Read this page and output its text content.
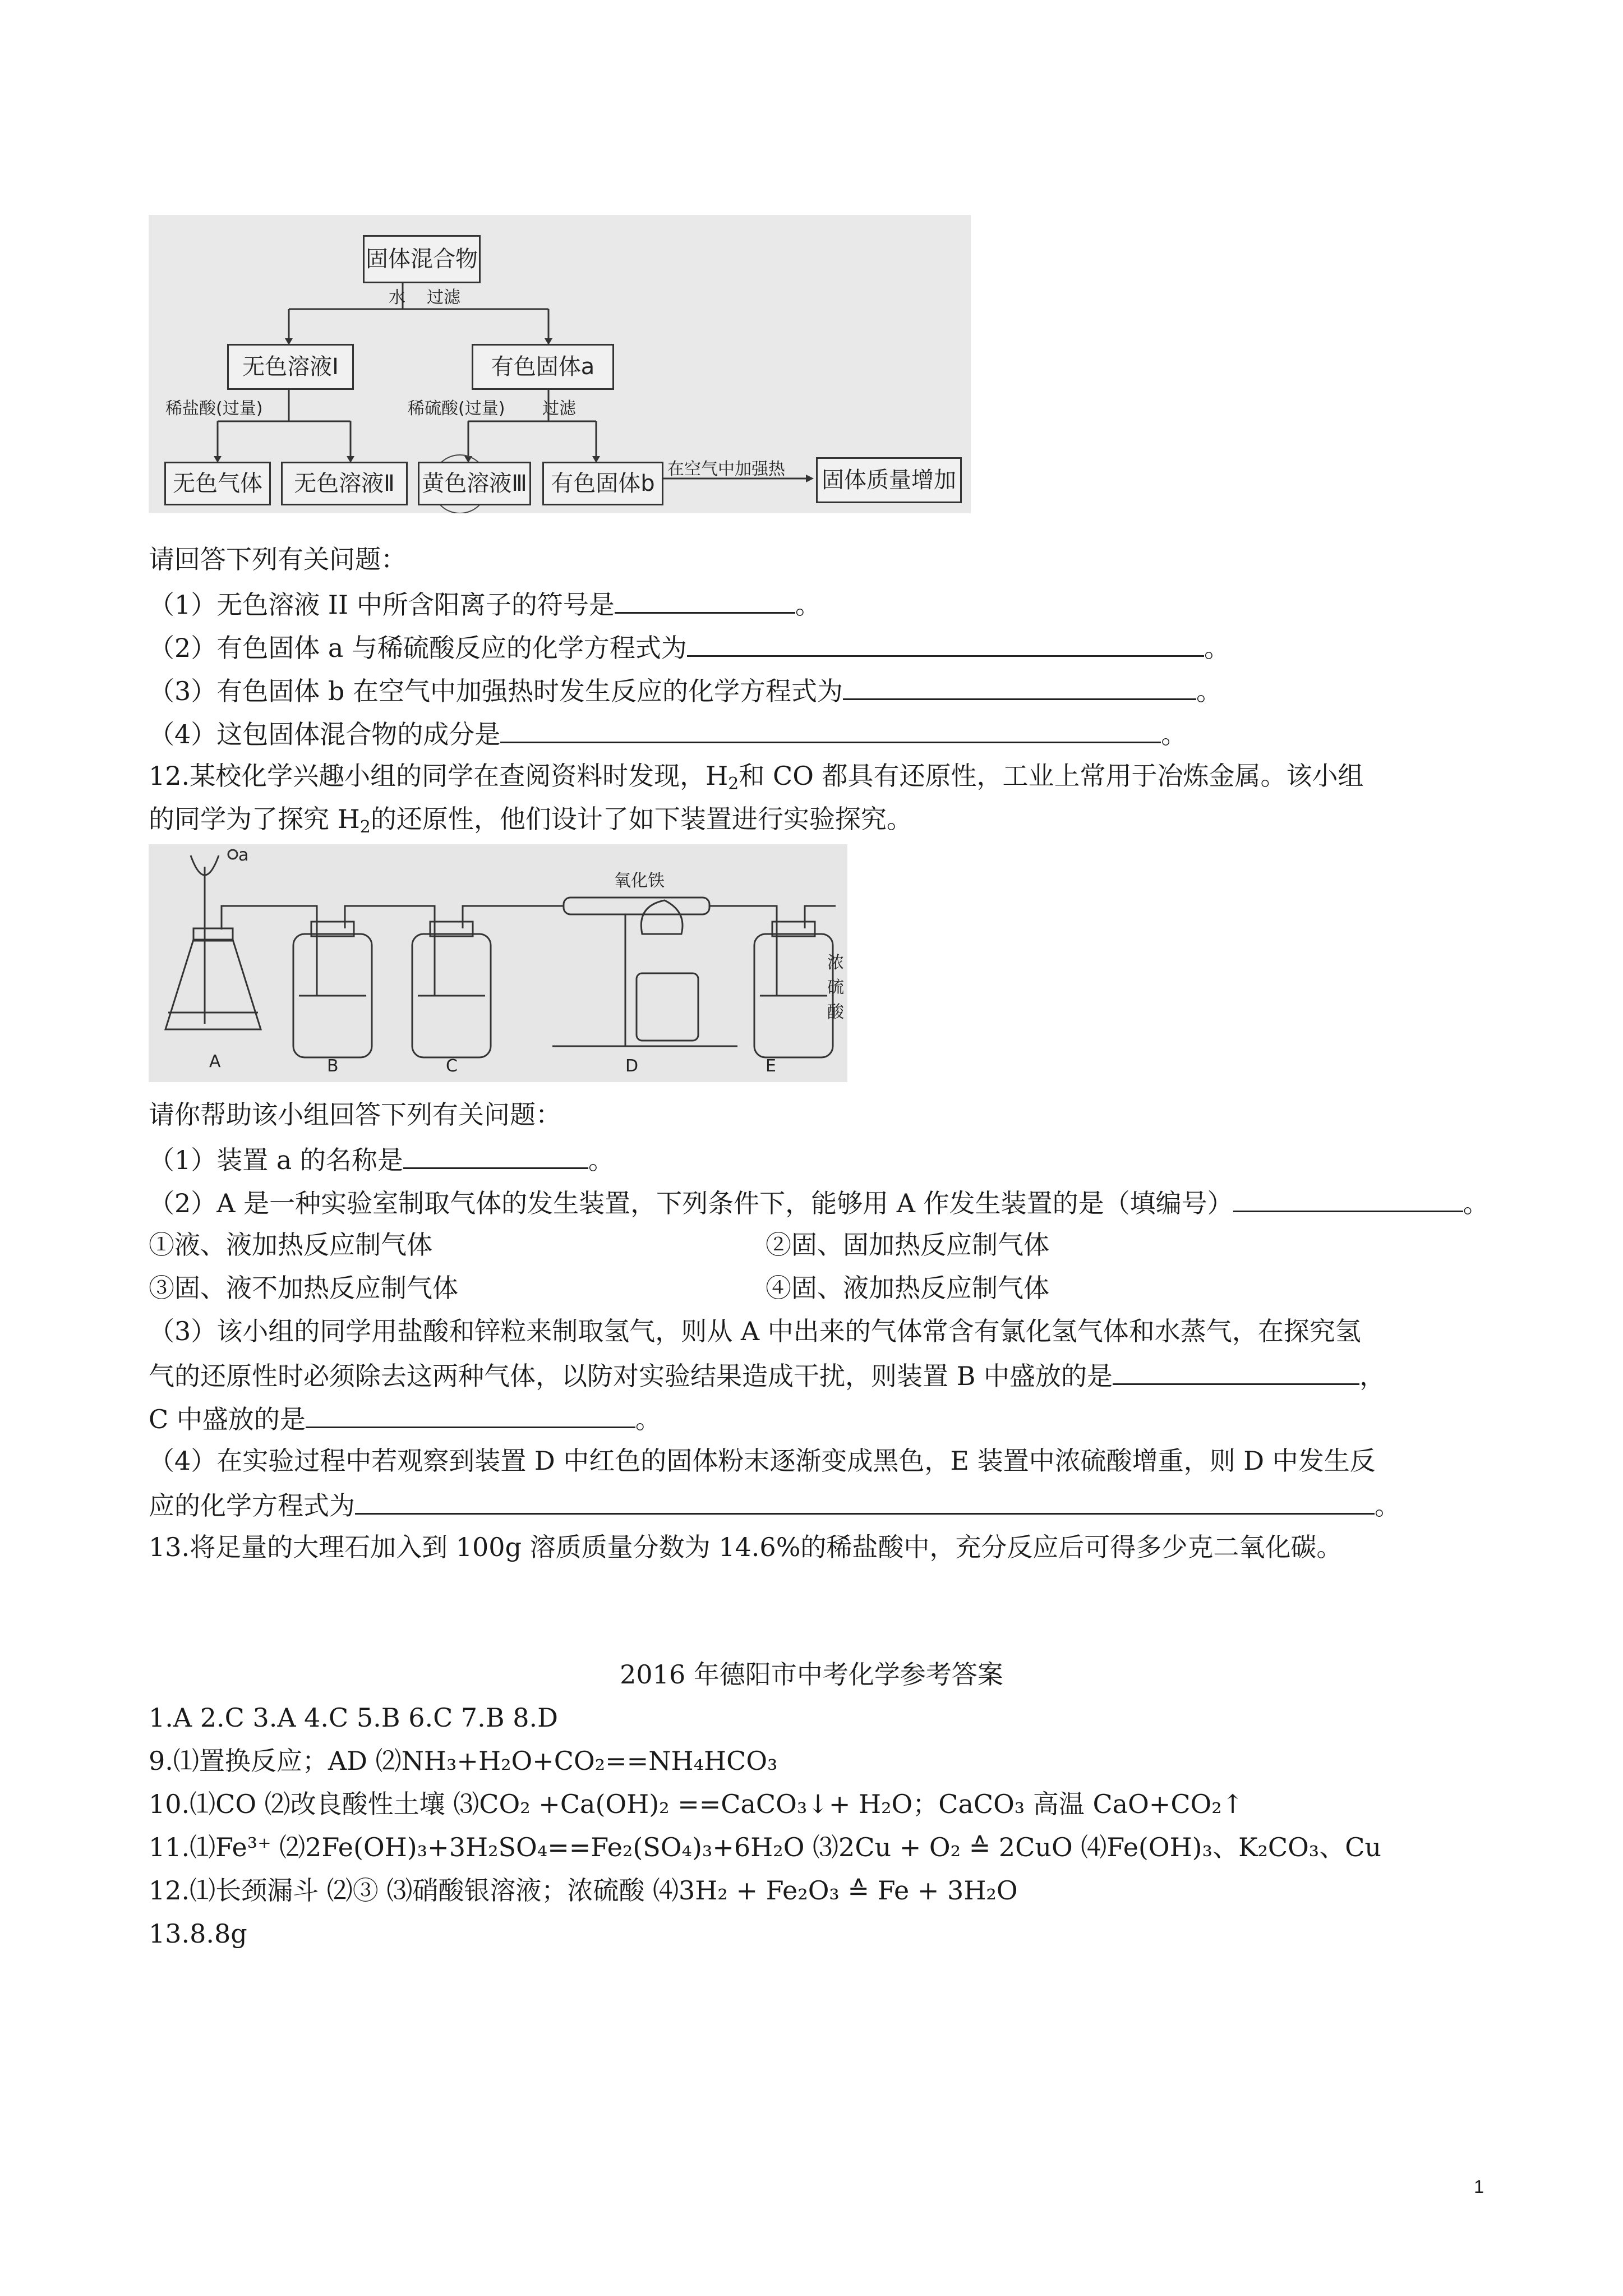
固体混合物
水 过滤
无色溶液Ⅰ	有色固体a
稀盐酸(过量)	稀硫酸(过量) 过滤
无色气体	无色溶液Ⅱ	黄色溶液Ⅲ	有色固体b
在空气中加强热 固体质量增加
请回答下列有关问题：
（1）无色溶液 II 中所含阳离子的符号是	。
（2）有色固体 a 与稀硫酸反应的化学方程式为	。
（3）有色固体 b 在空气中加强热时发生反应的化学方程式为	。
（4）这包固体混合物的成分是	。
12.某校化学兴趣小组的同学在查阅资料时发现，$H_2$和 CO 都具有还原性，工业上常用于冶炼金属。该小组
的同学为了探究 $H_2$的还原性，他们设计了如下装置进行实验探究。
a
氧化铁
浓硫酸
A	B	C	D	E
请你帮助该小组回答下列有关问题：
（1）装置 a 的名称是	。
（2）A 是一种实验室制取气体的发生装置，下列条件下，能够用 A 作发生装置的是（填编号）	。
①液、液加热反应制气体	②固、固加热反应制气体
③固、液不加热反应制气体	④固、液加热反应制气体
（3）该小组的同学用盐酸和锌粒来制取氢气，则从 A 中出来的气体常含有氯化氢气体和水蒸气，在探究氢
气的还原性时必须除去这两种气体，以防对实验结果造成干扰，则装置 B 中盛放的是	，
C 中盛放的是	。
（4）在实验过程中若观察到装置 D 中红色的固体粉末逐渐变成黑色，E 装置中浓硫酸增重，则 D 中发生反
应的化学方程式为	。
13.将足量的大理石加入到 100g 溶质质量分数为 14.6%的稀盐酸中，充分反应后可得多少克二氧化碳。
2016 年德阳市中考化学参考答案
1.A 2.C 3.A 4.C 5.B 6.C 7.B 8.D
9.⑴置换反应；AD ⑵NH₃+H₂O+CO₂==NH₄HCO₃
10.⑴CO ⑵改良酸性土壤 ⑶CO₂ +Ca(OH)₂ ==CaCO₃↓+ H₂O；CaCO₃ 高温 CaO+CO₂↑
11.⑴Fe³⁺ ⑵2Fe(OH)₃+3H₂SO₄==Fe₂(SO₄)₃+6H₂O ⑶2Cu + O₂ ≙ 2CuO ⑷Fe(OH)₃、K₂CO₃、Cu
12.⑴长颈漏斗 ⑵③ ⑶硝酸银溶液；浓硫酸 ⑷3H₂ + Fe₂O₃ ≙ Fe + 3H₂O
13.8.8g
1
